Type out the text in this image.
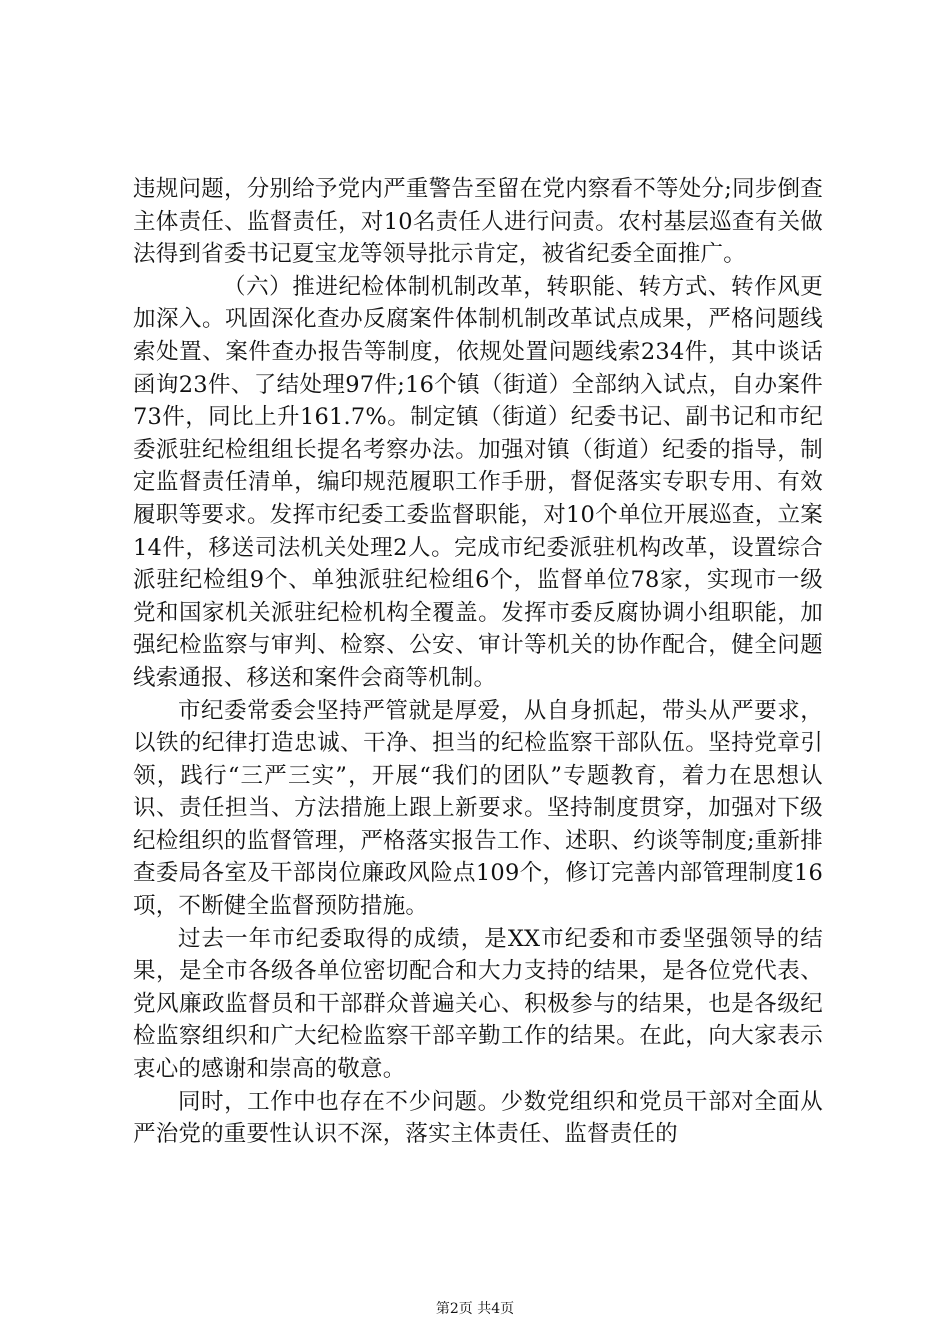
违规问题，分别给予党内严重警告至留在党内察看不等处分;同步倒查主体责任、监督责任，对10名责任人进行问责。农村基层巡查有关做法得到省委书记夏宝龙等领导批示肯定，被省纪委全面推广。

（六）推进纪检体制机制改革，转职能、转方式、转作风更加深入。巩固深化查办反腐案件体制机制改革试点成果，严格问题线索处置、案件查办报告等制度，依规处置问题线索234件，其中谈话函询23件、了结处理97件;16个镇（街道）全部纳入试点，自办案件73件，同比上升161.7%。制定镇（街道）纪委书记、副书记和市纪委派驻纪检组组长提名考察办法。加强对镇（街道）纪委的指导，制定监督责任清单，编印规范履职工作手册，督促落实专职专用、有效履职等要求。发挥市纪委工委监督职能，对10个单位开展巡查，立案14件，移送司法机关处理2人。完成市纪委派驻机构改革，设置综合派驻纪检组9个、单独派驻纪检组6个，监督单位78家，实现市一级党和国家机关派驻纪检机构全覆盖。发挥市委反腐协调小组职能，加强纪检监察与审判、检察、公安、审计等机关的协作配合，健全问题线索通报、移送和案件会商等机制。

市纪委常委会坚持严管就是厚爱，从自身抓起，带头从严要求，以铁的纪律打造忠诚、干净、担当的纪检监察干部队伍。坚持党章引领，践行“三严三实”，开展“我们的团队”专题教育，着力在思想认识、责任担当、方法措施上跟上新要求。坚持制度贯穿，加强对下级纪检组织的监督管理，严格落实报告工作、述职、约谈等制度;重新排查委局各室及干部岗位廉政风险点109个，修订完善内部管理制度16项，不断健全监督预防措施。

过去一年市纪委取得的成绩，是XX市纪委和市委坚强领导的结果，是全市各级各单位密切配合和大力支持的结果，是各位党代表、党风廉政监督员和干部群众普遍关心、积极参与的结果，也是各级纪检监察组织和广大纪检监察干部辛勤工作的结果。在此，向大家表示衷心的感谢和崇高的敬意。

同时，工作中也存在不少问题。少数党组织和党员干部对全面从严治党的重要性认识不深，落实主体责任、监督责任的

第2页 共4页
